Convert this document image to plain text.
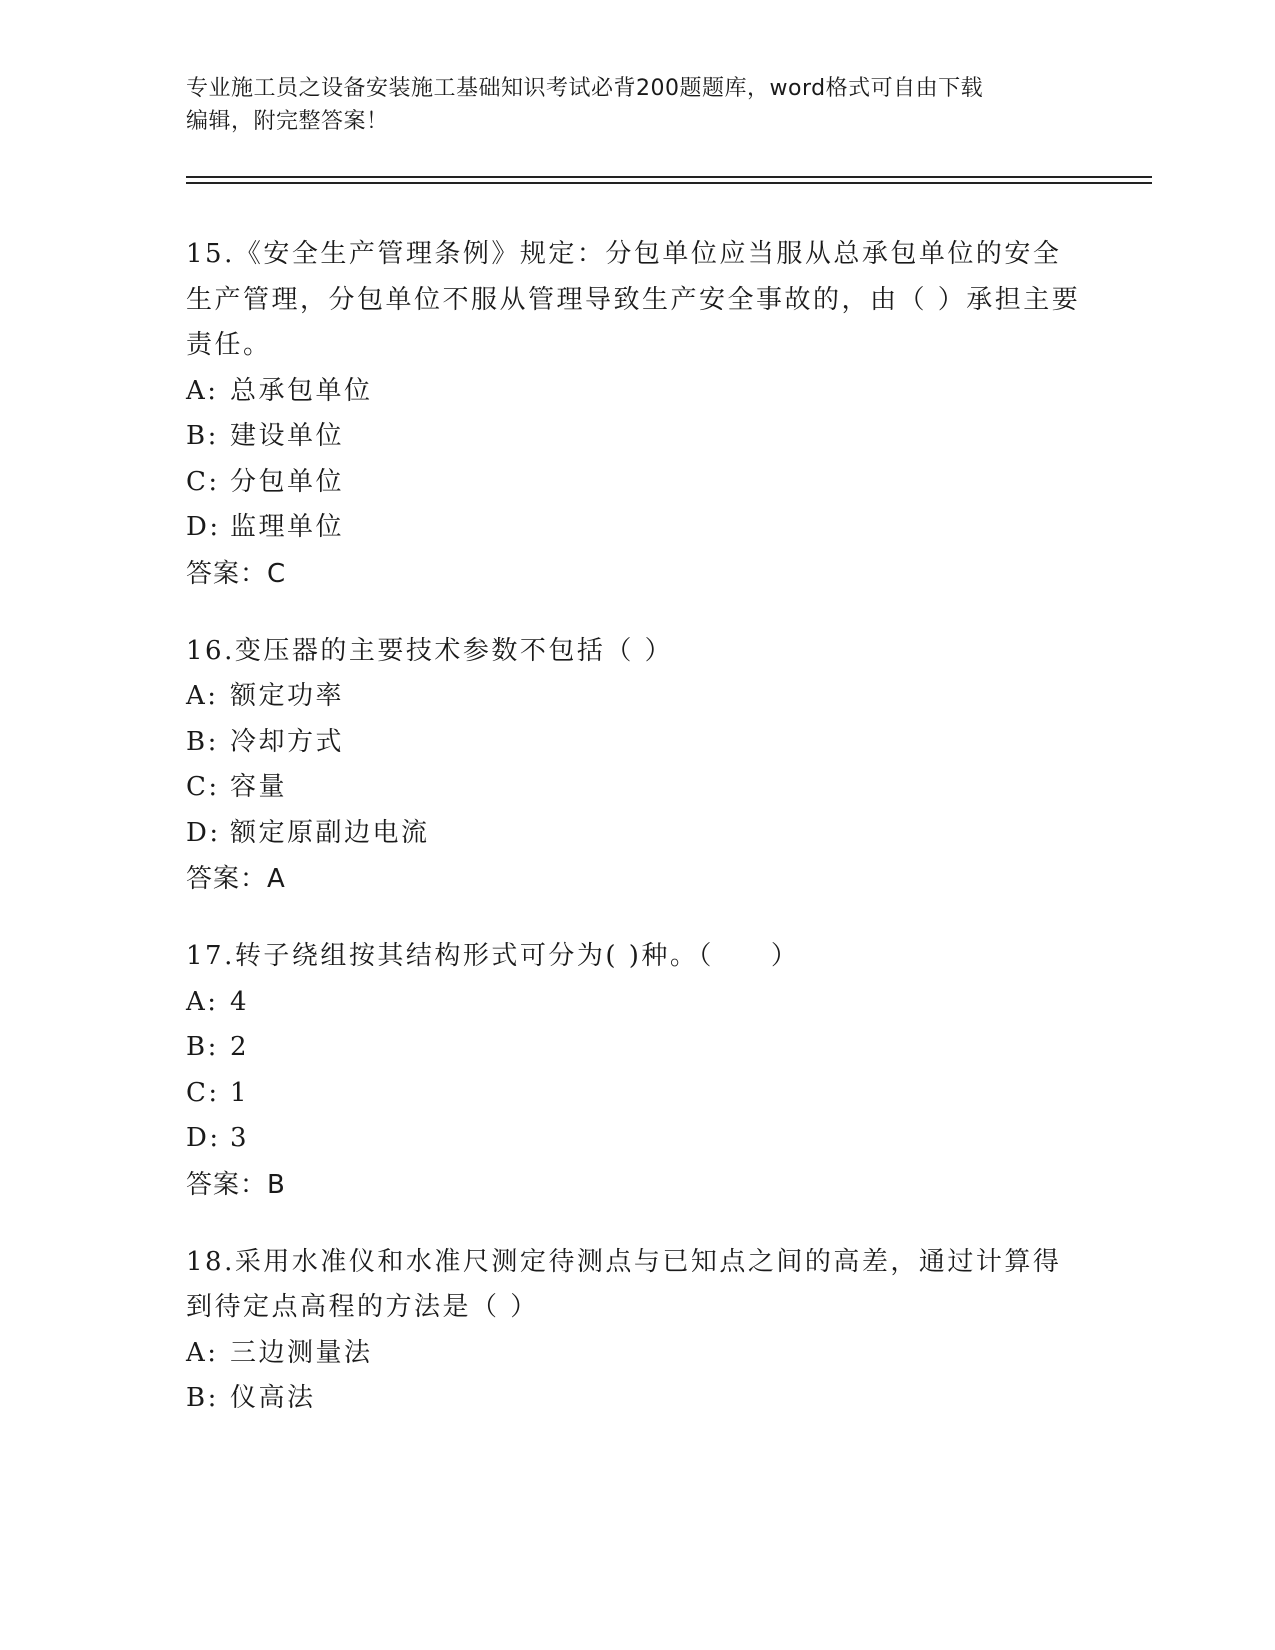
专业施工员之设备安装施工基础知识考试必背200题题库，word格式可自由下载
编辑，附完整答案！
15.《安全生产管理条例》规定：分包单位应当服从总承包单位的安全生产管理，分包单位不服从管理导致生产安全事故的，由（ ）承担主要责任。
A: 总承包单位
B: 建设单位
C: 分包单位
D: 监理单位
答案：C
16.变压器的主要技术参数不包括（ ）
A: 额定功率
B: 冷却方式
C: 容量
D: 额定原副边电流
答案：A
17.转子绕组按其结构形式可分为( )种。（　　）
A: 4
B: 2
C: 1
D: 3
答案：B
18.采用水准仪和水准尺测定待测点与已知点之间的高差，通过计算得到待定点高程的方法是（ ）
A: 三边测量法
B: 仪高法
